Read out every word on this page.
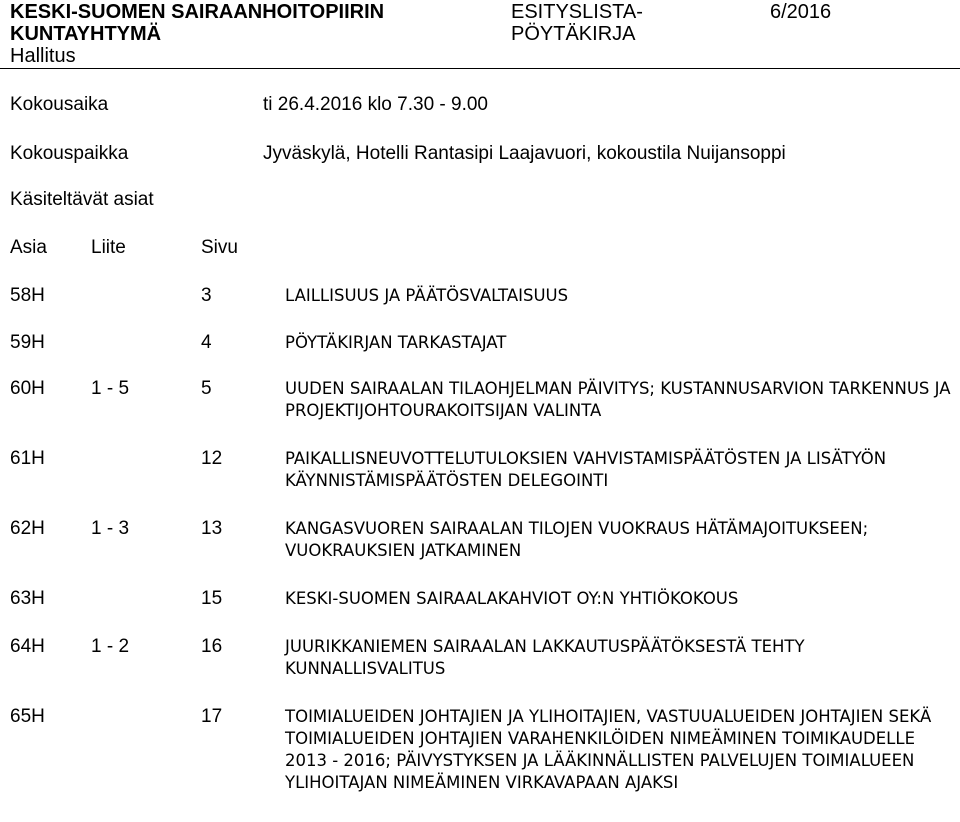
KESKI-SUOMEN SAIRAANHOITOPIIRIN
KUNTAYHTYMÄ
Hallitus
ESITYSLISTA-
PÖYTÄKIRJA
6/2016
Kokousaika	ti 26.4.2016 klo 7.30 - 9.00
Kokouspaikka	Jyväskylä, Hotelli Rantasipi Laajavuori, kokoustila Nuijansoppi
Käsiteltävät asiat
Asia Liite	Sivu
58H	3	LAILLISUUS JA PÄÄTÖSVALTAISUUS
59H	4	PÖYTÄKIRJAN TARKASTAJAT
60H 1 - 5	5	UUDEN SAIRAALAN TILAOHJELMAN PÄIVITYS; KUSTANNUSARVION TARKENNUS JA PROJEKTIJOHTOURAKOITSIJAN VALINTA
61H	12	PAIKALLISNEUVOTTELUTULOKSIEN VAHVISTAMISPÄÄTÖSTEN JA LISÄTYÖN KÄYNNISTÄMISPÄÄTÖSTEN DELEGOINTI
62H 1 - 3	13	KANGASVUOREN SAIRAALAN TILOJEN VUOKRAUS HÄTÄMAJOITUKSEEN; VUOKRAUKSIEN JATKAMINEN
63H	15	KESKI-SUOMEN SAIRAALAKAHVIOT OY:N YHTIÖKOKOUS
64H 1 - 2	16	JUURIKKANIEMEN SAIRAALAN LAKKAUTUSPÄÄTÖKSESTÄ TEHTY KUNNALLISVALITUS
65H	17	TOIMIALUEIDEN JOHTAJIEN JA YLIHOITAJIEN, VASTUUALUEIDEN JOHTAJIEN SEKÄ TOIMIALUEIDEN JOHTAJIEN VARAHENKILÖIDEN NIMEÄMINEN TOIMIKAUDELLE 2013 - 2016; PÄIVYSTYKSEN JA LÄÄKINNÄLLISTEN PALVELUJEN TOIMIALUEEN YLIHOITAJAN NIMEÄMINEN VIRKAVAPAAN AJAKSI
